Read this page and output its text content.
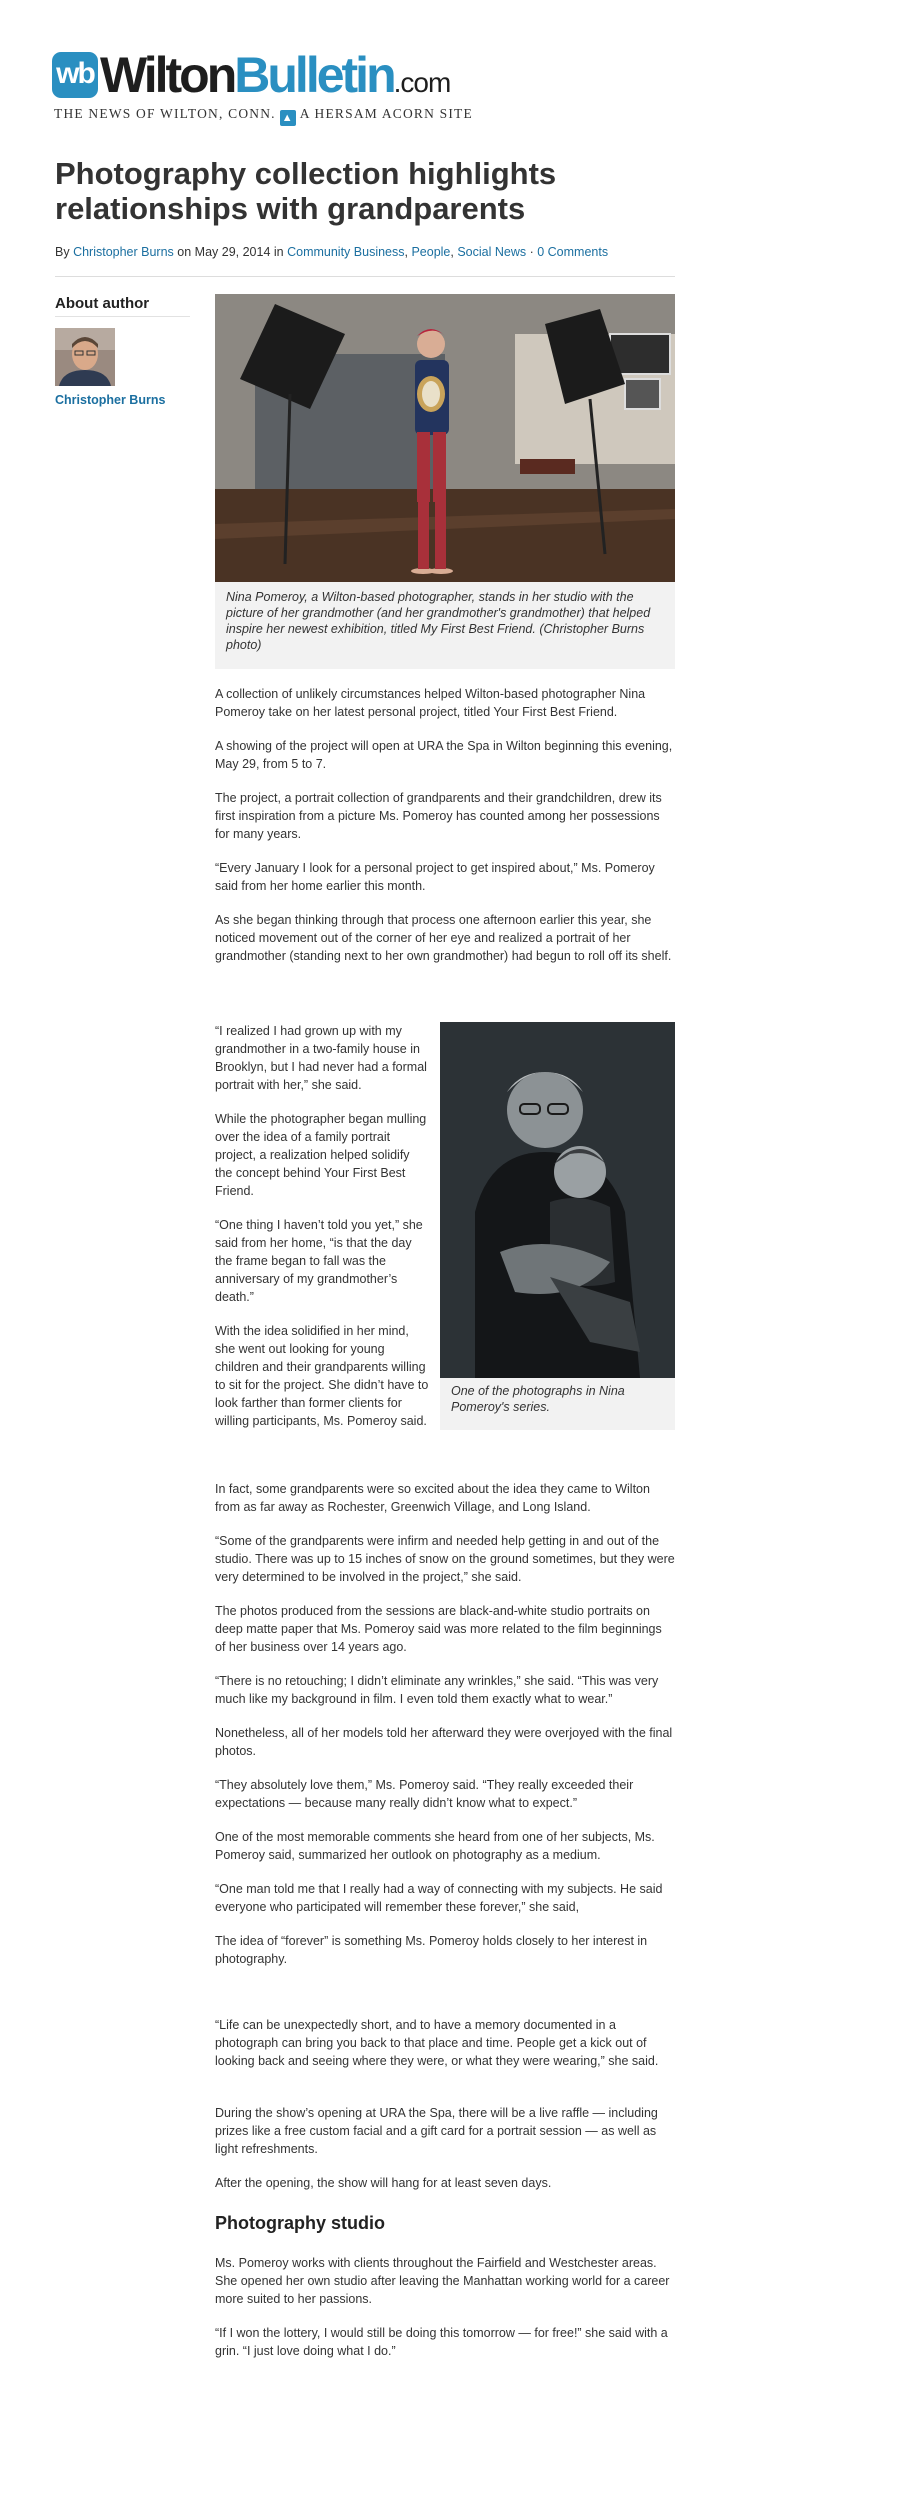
wb WiltonBulletin.com
THE NEWS OF WILTON, CONN. ▲ A HERSAM ACORN SITE
Photography collection highlights relationships with grandparents
By Christopher Burns on May 29, 2014 in Community Business, People, Social News · 0 Comments
About author
Christopher Burns
Nina Pomeroy, a Wilton-based photographer, stands in her studio with the picture of her grandmother (and her grandmother's grandmother) that helped inspire her newest exhibition, titled My First Best Friend. (Christopher Burns photo)

A collection of unlikely circumstances helped Wilton-based photographer Nina Pomeroy take on her latest personal project, titled Your First Best Friend.

A showing of the project will open at URA the Spa in Wilton beginning this evening, May 29, from 5 to 7.

The project, a portrait collection of grandparents and their grandchildren, drew its first inspiration from a picture Ms. Pomeroy has counted among her possessions for many years.

“Every January I look for a personal project to get inspired about,” Ms. Pomeroy said from her home earlier this month.

As she began thinking through that process one afternoon earlier this year, she noticed movement out of the corner of her eye and realized a portrait of her grandmother (standing next to her own grandmother) had begun to roll off its shelf.

“I realized I had grown up with my grandmother in a two-family house in Brooklyn, but I had never had a formal portrait with her,” she said.

While the photographer began mulling over the idea of a family portrait project, a realization helped solidify the concept behind Your First Best Friend.

“One thing I haven’t told you yet,” she said from her home, “is that the day the frame began to fall was the anniversary of my grandmother’s death.”

With the idea solidified in her mind, she went out looking for young children and their grandparents willing to sit for the project. She didn’t have to look farther than former clients for willing participants, Ms. Pomeroy said.

In fact, some grandparents were so excited about the idea they came to Wilton from as far away as Rochester, Greenwich Village, and Long Island.

“Some of the grandparents were infirm and needed help getting in and out of the studio. There was up to 15 inches of snow on the ground sometimes, but they were very determined to be involved in the project,” she said.

The photos produced from the sessions are black-and-white studio portraits on deep matte paper that Ms. Pomeroy said was more related to the film beginnings of her business over 14 years ago.

“There is no retouching; I didn’t eliminate any wrinkles,” she said. “This was very much like my background in film. I even told them exactly what to wear.”

Nonetheless, all of her models told her afterward they were overjoyed with the final photos.

“They absolutely love them,” Ms. Pomeroy said. “They really exceeded their expectations — because many really didn’t know what to expect.”

One of the most memorable comments she heard from one of her subjects, Ms. Pomeroy said, summarized her outlook on photography as a medium.

“One man told me that I really had a way of connecting with my subjects. He said everyone who participated will remember these forever,” she said,

The idea of “forever” is something Ms. Pomeroy holds closely to her interest in photography.

“Life can be unexpectedly short, and to have a memory documented in a photograph can bring you back to that place and time. People get a kick out of looking back and seeing where they were, or what they were wearing,” she said.

During the show’s opening at URA the Spa, there will be a live raffle — including prizes like a free custom facial and a gift card for a portrait session — as well as light refreshments.

After the opening, the show will hang for at least seven days.

Photography studio

Ms. Pomeroy works with clients throughout the Fairfield and Westchester areas. She opened her own studio after leaving the Manhattan working world for a career more suited to her passions.

“If I won the lottery, I would still be doing this tomorrow — for free!” she said with a grin. “I just love doing what I do.”

One of the photographs in Nina Pomeroy's series.
